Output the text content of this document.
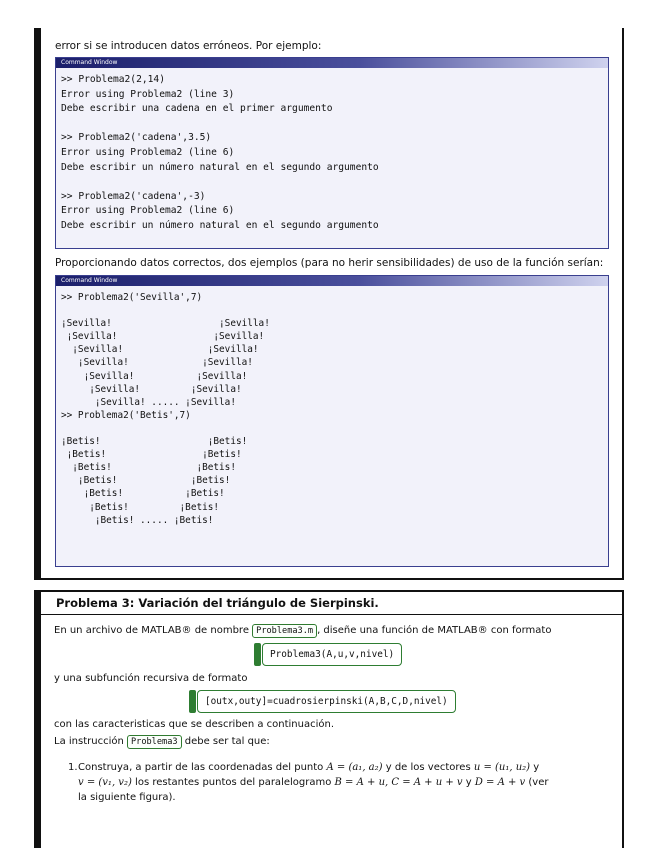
error si se introducen datos erróneos. Por ejemplo:
Command Window
>> Problema2(2,14)
Error using Problema2 (line 3)
Debe escribir una cadena en el primer argumento

>> Problema2('cadena',3.5)
Error using Problema2 (line 6)
Debe escribir un número natural en el segundo argumento

>> Problema2('cadena',-3)
Error using Problema2 (line 6)
Debe escribir un número natural en el segundo argumento

Proporcionando datos correctos, dos ejemplos (para no herir sensibilidades) de uso de la función serían:
Command Window
>> Problema2('Sevilla',7)

¡Sevilla!                   ¡Sevilla!
¡Sevilla!                 ¡Sevilla!
¡Sevilla!               ¡Sevilla!
¡Sevilla!             ¡Sevilla!
¡Sevilla!           ¡Sevilla!
¡Sevilla!         ¡Sevilla!
¡Sevilla! ..... ¡Sevilla!
>> Problema2('Betis',7)

¡Betis!                   ¡Betis!
¡Betis!                 ¡Betis!
¡Betis!               ¡Betis!
¡Betis!             ¡Betis!
¡Betis!           ¡Betis!
¡Betis!         ¡Betis!
¡Betis! ..... ¡Betis!

Problema 3: Variación del triángulo de Sierpinski.
En un archivo de MATLAB® de nombre Problema3.m , diseñe una función de MATLAB® con formato
Problema3(A,u,v,nivel)
y una subfunción recursiva de formato
[outx,outy]=cuadrosierpinski(A,B,C,D,nivel)
con las caracteristicas que se describen a continuación.
La instrucción Problema3 debe ser tal que:
1. Construya, a partir de las coordenadas del punto A = (a₁, a₂) y de los vectores u = (u₁, u₂) y
v = (v₁, v₂) los restantes puntos del paralelogramo B = A + u, C = A + u + v y D = A + v (ver
la siguiente figura).
